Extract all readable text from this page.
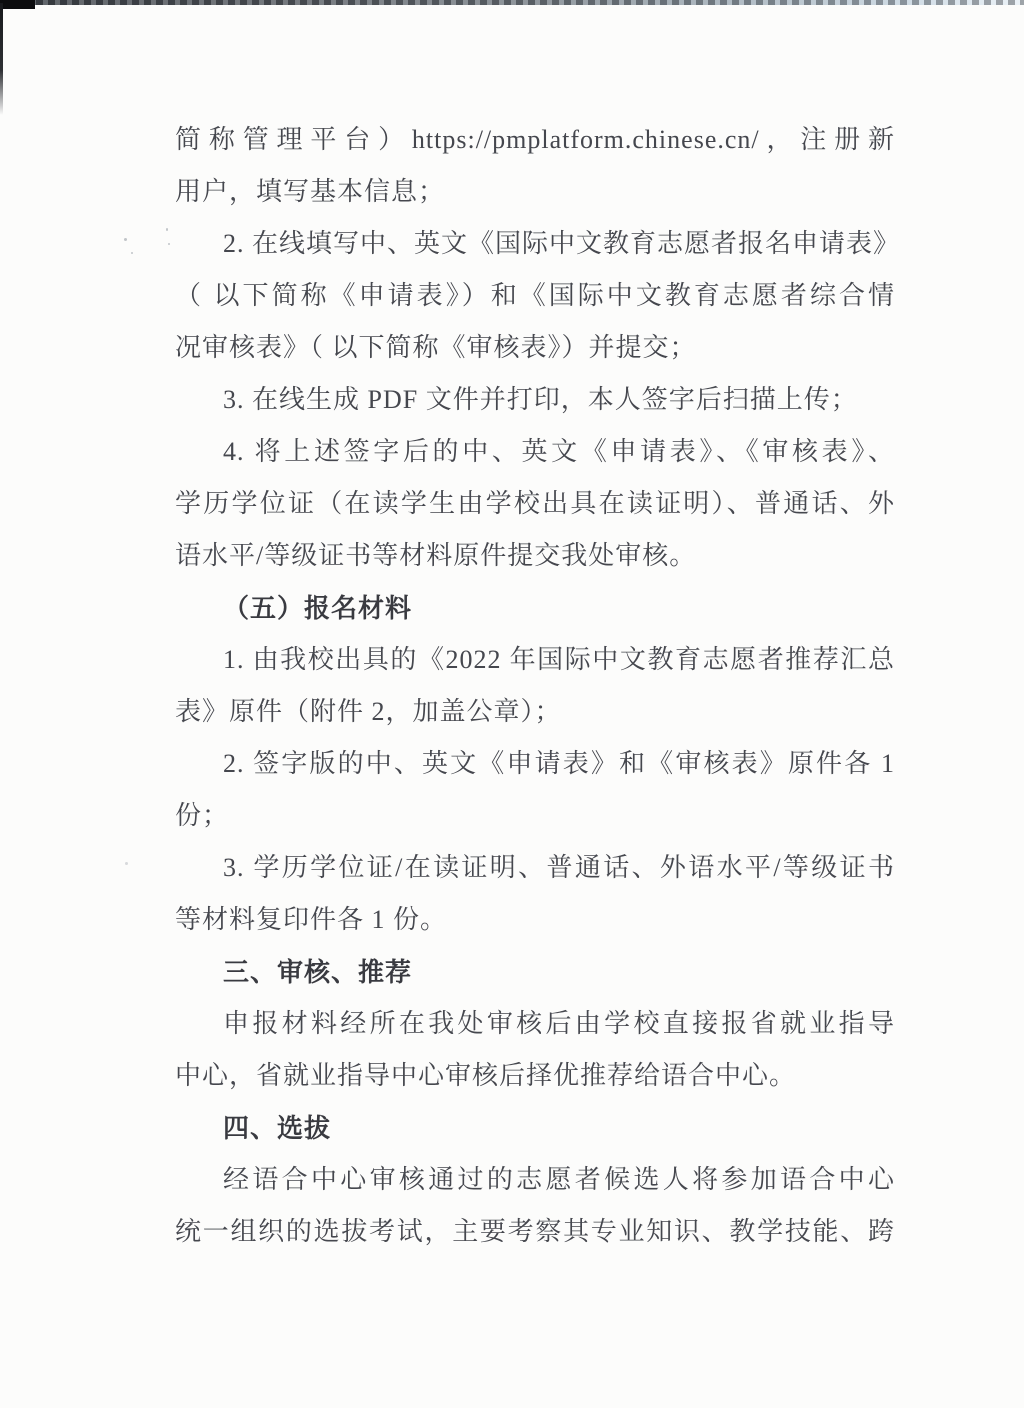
简称管理平台）https://pmplatform.chinese.cn/，注册新
用户，填写基本信息；
2. 在线填写中、英文《国际中文教育志愿者报名申请表》
（ 以下简称《申请表》）和《国际中文教育志愿者综合情
况审核表》（ 以下简称《审核表》）并提交；
3. 在线生成 PDF 文件并打印，本人签字后扫描上传；
4. 将上述签字后的中、英文《申请表》、《审核表》、
学历学位证（在读学生由学校出具在读证明）、普通话、外
语水平/等级证书等材料原件提交我处审核。
（五）报名材料
1. 由我校出具的《2022 年国际中文教育志愿者推荐汇总
表》原件（附件 2，加盖公章）；
2. 签字版的中、英文《申请表》和《审核表》原件各 1
份；
3. 学历学位证/在读证明、普通话、外语水平/等级证书
等材料复印件各 1 份。
三、审核、推荐
申报材料经所在我处审核后由学校直接报省就业指导
中心，省就业指导中心审核后择优推荐给语合中心。
四、选拔
经语合中心审核通过的志愿者候选人将参加语合中心
统一组织的选拔考试，主要考察其专业知识、教学技能、跨
